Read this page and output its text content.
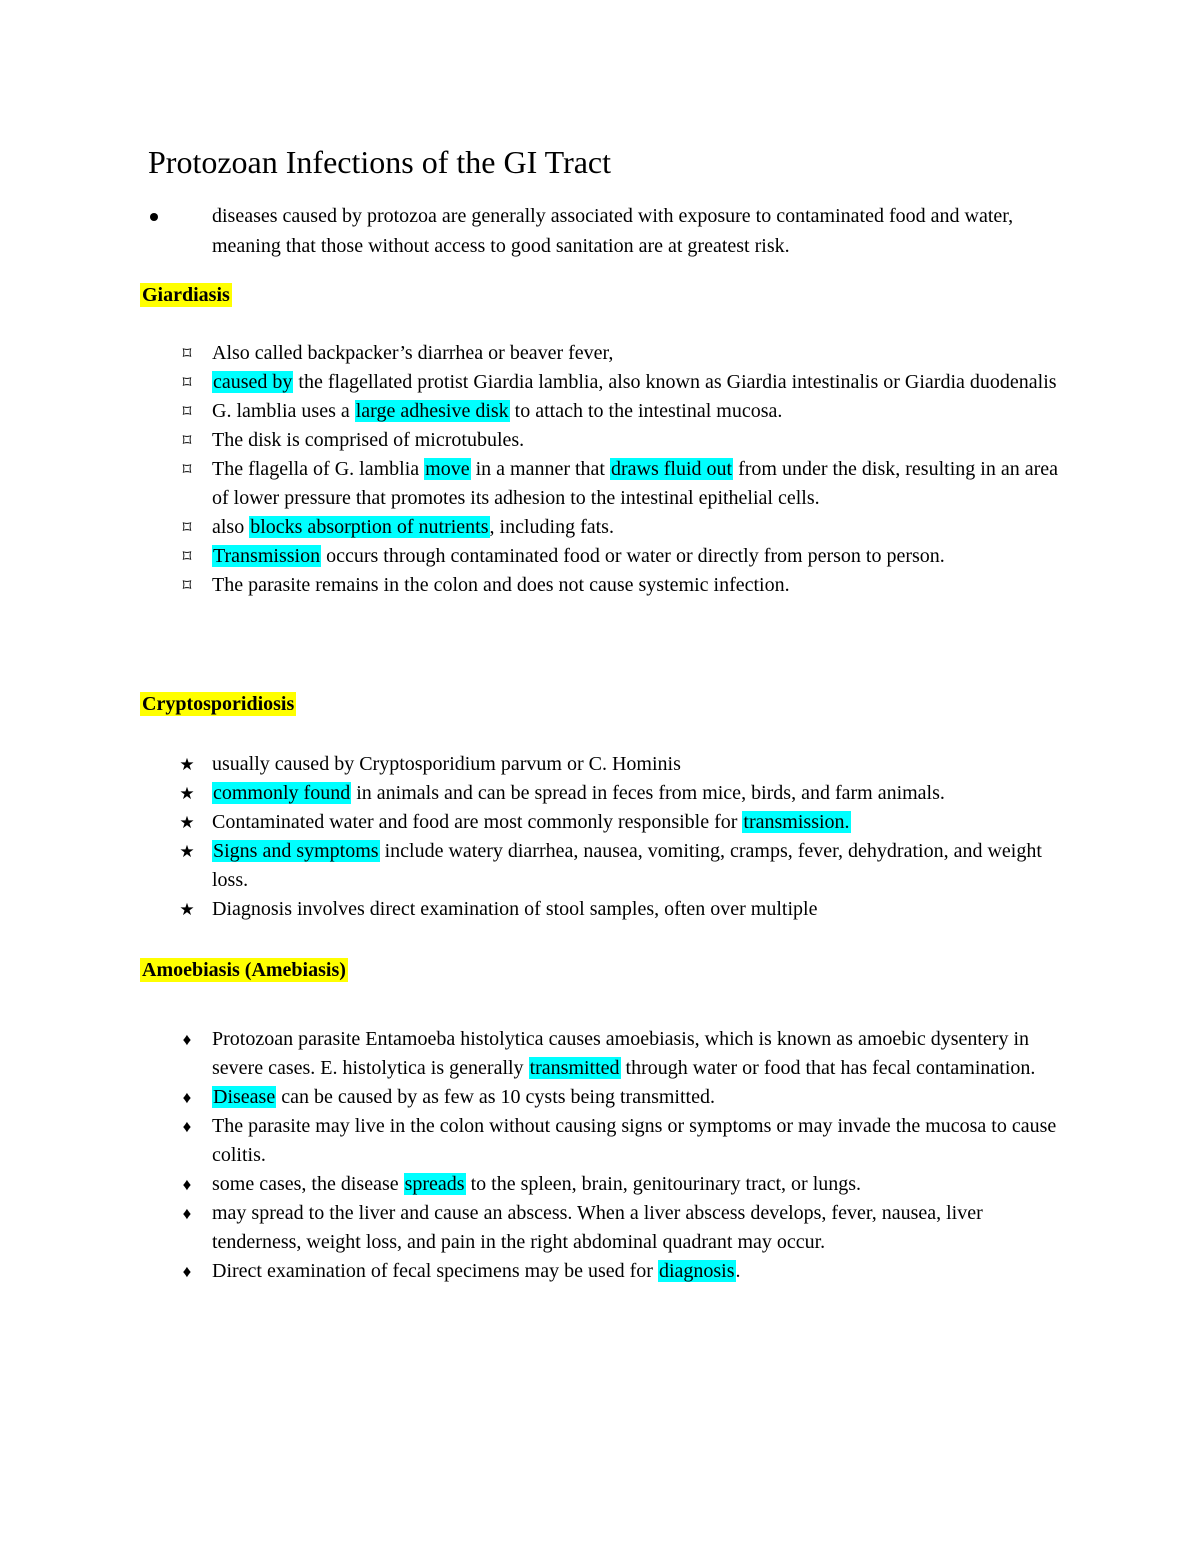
Protozoan Infections of the GI Tract
diseases caused by protozoa are generally associated with exposure to contaminated food and water, meaning that those without access to good sanitation are at greatest risk.
Giardiasis
⌑ Also called backpacker’s diarrhea or beaver fever,
⌑ caused by the flagellated protist Giardia lamblia, also known as Giardia intestinalis or Giardia duodenalis
⌑ G. lamblia uses a large adhesive disk to attach to the intestinal mucosa.
⌑ The disk is comprised of microtubules.
⌑ The flagella of G. lamblia move in a manner that draws fluid out from under the disk, resulting in an area of lower pressure that promotes its adhesion to the intestinal epithelial cells.
⌑ also blocks absorption of nutrients, including fats.
⌑ Transmission occurs through contaminated food or water or directly from person to person.
⌑ The parasite remains in the colon and does not cause systemic infection.
Cryptosporidiosis
★ usually caused by Cryptosporidium parvum or C. Hominis
★ commonly found in animals and can be spread in feces from mice, birds, and farm animals.
★ Contaminated water and food are most commonly responsible for transmission.
★ Signs and symptoms include watery diarrhea, nausea, vomiting, cramps, fever, dehydration, and weight loss.
★ Diagnosis involves direct examination of stool samples, often over multiple
Amoebiasis (Amebiasis)
♦ Protozoan parasite Entamoeba histolytica causes amoebiasis, which is known as amoebic dysentery in severe cases. E. histolytica is generally transmitted through water or food that has fecal contamination.
♦ Disease can be caused by as few as 10 cysts being transmitted.
♦ The parasite may live in the colon without causing signs or symptoms or may invade the mucosa to cause colitis.
♦ some cases, the disease spreads to the spleen, brain, genitourinary tract, or lungs.
♦ may spread to the liver and cause an abscess. When a liver abscess develops, fever, nausea, liver tenderness, weight loss, and pain in the right abdominal quadrant may occur.
♦ Direct examination of fecal specimens may be used for diagnosis.
